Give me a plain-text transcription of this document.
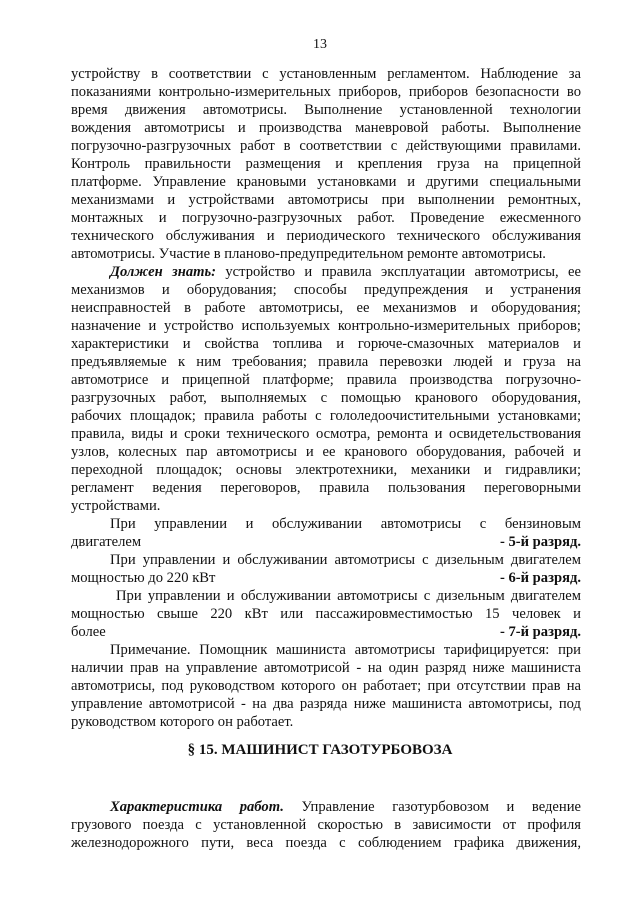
13
устройству в соответствии с установленным регламентом. Наблюдение за
показаниями контрольно-измерительных приборов, приборов безопасности во
время движения автомотрисы. Выполнение установленной технологии
вождения автомотрисы и производства маневровой работы. Выполнение
погрузочно-разгрузочных работ в соответствии с действующими правилами.
Контроль правильности размещения и крепления груза на прицепной
платформе. Управление крановыми установками и другими специальными
механизмами и устройствами автомотрисы при выполнении ремонтных,
монтажных и погрузочно-разгрузочных работ. Проведение ежесменного
технического обслуживания и периодического технического обслуживания
автомотрисы. Участие в планово-предупредительном ремонте автомотрисы.
Должен знать: устройство и правила эксплуатации автомотрисы, ее
механизмов и оборудования; способы предупреждения и устранения
неисправностей в работе автомотрисы, ее механизмов и оборудования;
назначение и устройство используемых контрольно-измерительных приборов;
характеристики и свойства топлива и горюче-смазочных материалов и
предъявляемые к ним требования; правила перевозки людей и груза на
автомотрисе и прицепной платформе; правила производства погрузочно-
разгрузочных работ, выполняемых с помощью кранового оборудования,
рабочих площадок; правила работы с гололедоочистительными установками;
правила, виды и сроки технического осмотра, ремонта и освидетельствования
узлов, колесных пар автомотрисы и ее кранового оборудования, рабочей и
переходной площадок; основы электротехники, механики и гидравлики;
регламент ведения переговоров, правила пользования переговорными
устройствами.
При управлении и обслуживании автомотрисы с бензиновым
двигателем	- 5-й разряд.
При управлении и обслуживании автомотрисы с дизельным двигателем
мощностью до 220 кВт	- 6-й разряд.
При управлении и обслуживании автомотрисы с дизельным двигателем
мощностью свыше 220 кВт или пассажировместимостью 15 человек и
более	- 7-й разряд.
Примечание. Помощник машиниста автомотрисы тарифицируется: при
наличии прав на управление автомотрисой - на один разряд ниже машиниста
автомотрисы, под руководством которого он работает; при отсутствии прав на
управление автомотрисой - на два разряда ниже машиниста автомотрисы, под
руководством которого он работает.
§ 15. МАШИНИСТ ГАЗОТУРБОВОЗА
Характеристика работ. Управление газотурбовозом и ведение
грузового поезда с установленной скоростью в зависимости от профиля
железнодорожного пути, веса поезда с соблюдением графика движения,
